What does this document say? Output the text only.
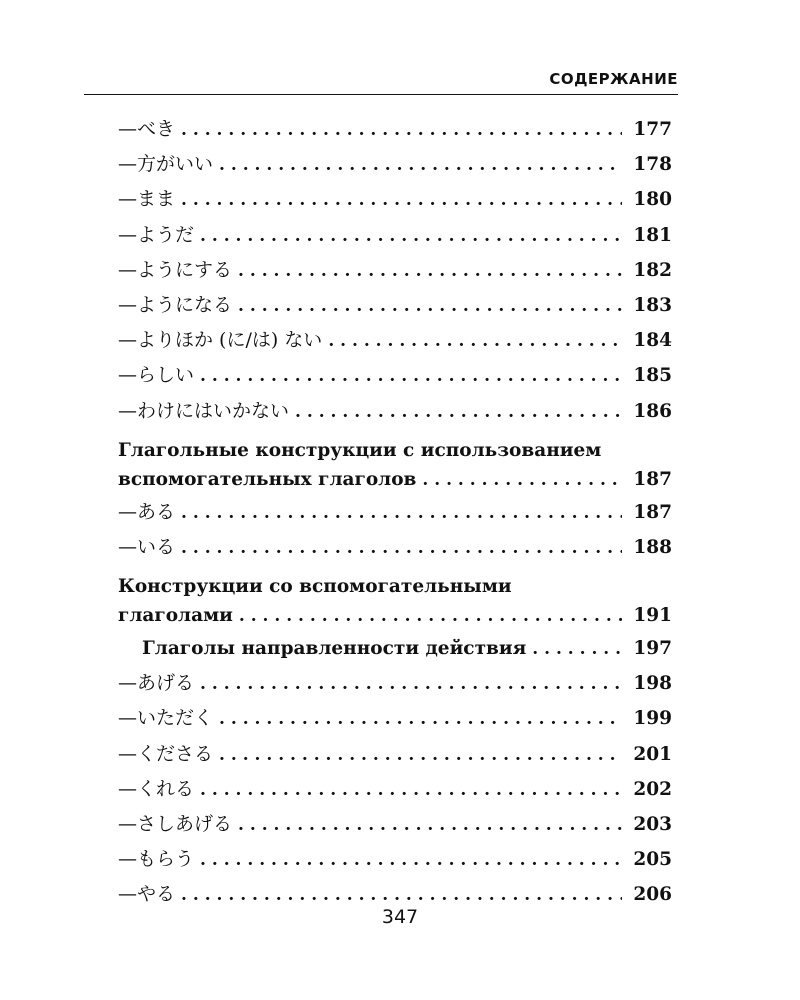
СОДЕРЖАНИЕ
—べき . . .	177
—方がいい . . .	178
—まま . . .	180
—ようだ . . .	181
—ようにする . . .	182
—ようになる . . .	183
—よりほか (に/は) ない . . .	184
—らしい . . .	185
—わけにはいかない . . .	186
Глагольные конструкции с использованием
вспомогательных глаголов . . .	187
—ある . . .	187
—いる . . .	188
Конструкции со вспомогательными
глаголами . . .	191
Глаголы направленности действия . . .	197
—あげる . . .	198
—いただく . . .	199
—くださる . . .	201
—くれる . . .	202
—さしあげる . . .	203
—もらう . . .	205
—やる . . .	206
347
